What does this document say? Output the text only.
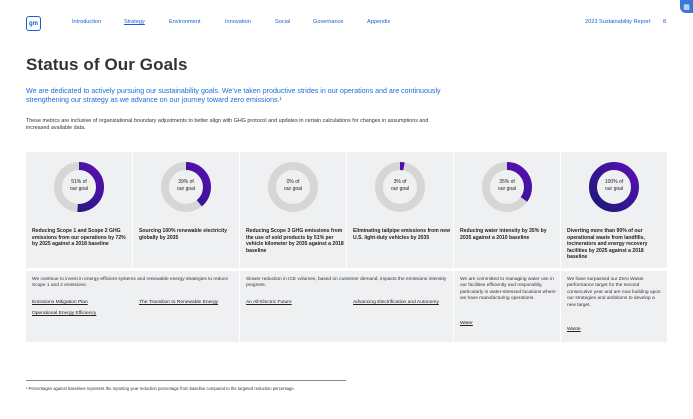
gm	Introduction	Strategy	Environment	Innovation	Social	Governance	Appendix	2023 Sustainability Report 8
▦
Status of Our Goals

We are dedicated to actively pursuing our sustainability goals. We’ve taken productive strides in our operations and are continuously strengthening our strategy as we advance on our journey toward zero emissions.¹

These metrics are inclusive of organizational boundary adjustments to better align with GHG protocol and updates in certain calculations for changes in assumptions and increased available data.

51% of
our goal
Reducing Scope 1 and Scope 2 GHG emissions from our operations by 72% by 2025 against a 2018 baseline
39% of
our goal
Sourcing 100% renewable electricity globally by 2035
0% of
our goal
Reducing Scope 3 GHG emissions from the use of sold products by 51% per vehicle kilometer by 2035 against a 2018 baseline
3% of
our goal
Eliminating tailpipe emissions from new U.S. light-duty vehicles by 2035
35% of
our goal
Reducing water intensity by 35% by 2035 against a 2010 baseline
100% of
our goal
Diverting more than 90% of our operational waste from landfills, incinerators and energy recovery facilities by 2025 against a 2018 baseline
We continue to invest in energy-efficient systems and renewable energy strategies to reduce Scope 1 and 2 emissions.
Emissions Mitigation Plan	The Transition to Renewable Energy
Operational Energy Efficiency
Slower reduction in ICE volumes, based on customer demand, impacts the emissions intensity progress.
An All-Electric Future	Advancing Electrification and Autonomy
We are committed to managing water use in our facilities efficiently and responsibly, particularly in water-stressed locations where we have manufacturing operations.
Water
We have surpassed our Zero Waste performance target for the second consecutive year and are now building upon our strategies and ambitions to develop a new target.
Waste
¹ Percentages against baselines represent the reporting year reduction percentage from baseline compared to the targeted reduction percentage.
